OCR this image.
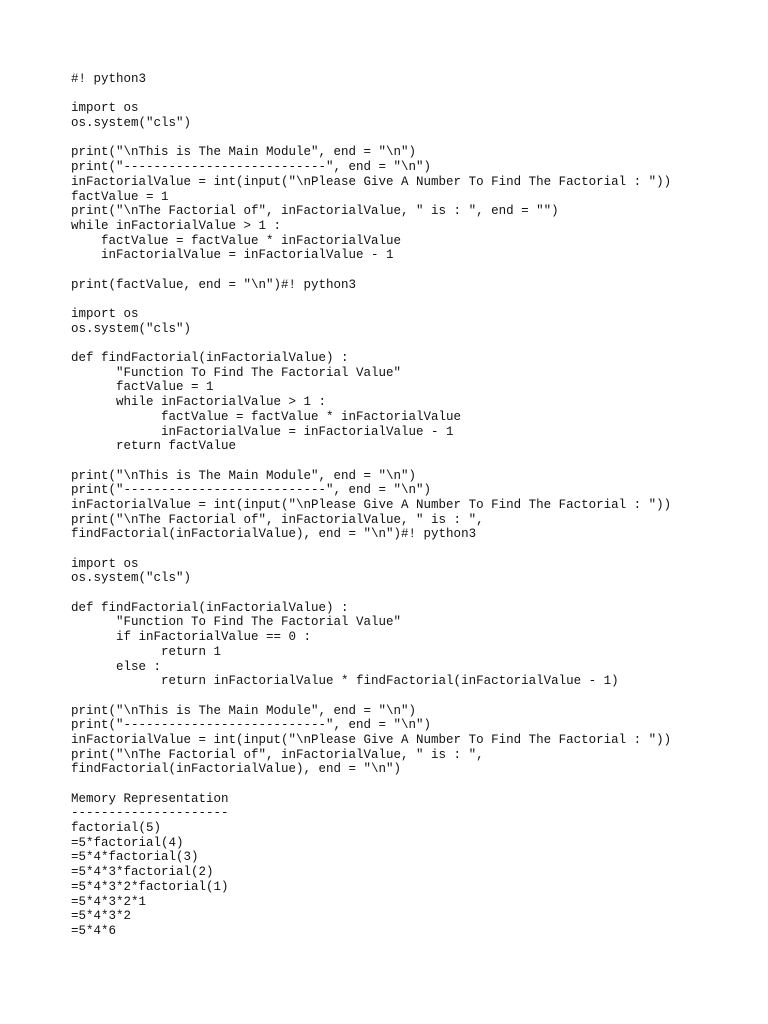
#! python3
import os
os.system("cls")
print("\nThis is The Main Module", end = "\n")
print("---------------------------", end = "\n")
inFactorialValue = int(input("\nPlease Give A Number To Find The Factorial : "))
factValue = 1
print("\nThe Factorial of", inFactorialValue, " is : ", end = "")
while inFactorialValue > 1 :
factValue = factValue * inFactorialValue
inFactorialValue = inFactorialValue - 1
print(factValue, end = "\n")#! python3
import os
os.system("cls")
def findFactorial(inFactorialValue) :
"Function To Find The Factorial Value"
factValue = 1
while inFactorialValue > 1 :
factValue = factValue * inFactorialValue
inFactorialValue = inFactorialValue - 1
return factValue
print("\nThis is The Main Module", end = "\n")
print("---------------------------", end = "\n")
inFactorialValue = int(input("\nPlease Give A Number To Find The Factorial : "))
print("\nThe Factorial of", inFactorialValue, " is : ",
findFactorial(inFactorialValue), end = "\n")#! python3
import os
os.system("cls")
def findFactorial(inFactorialValue) :
"Function To Find The Factorial Value"
if inFactorialValue == 0 :
return 1
else :
return inFactorialValue * findFactorial(inFactorialValue - 1)
print("\nThis is The Main Module", end = "\n")
print("---------------------------", end = "\n")
inFactorialValue = int(input("\nPlease Give A Number To Find The Factorial : "))
print("\nThe Factorial of", inFactorialValue, " is : ",
findFactorial(inFactorialValue), end = "\n")
Memory Representation
---------------------
factorial(5)
=5*factorial(4)
=5*4*factorial(3)
=5*4*3*factorial(2)
=5*4*3*2*factorial(1)
=5*4*3*2*1
=5*4*3*2
=5*4*6
